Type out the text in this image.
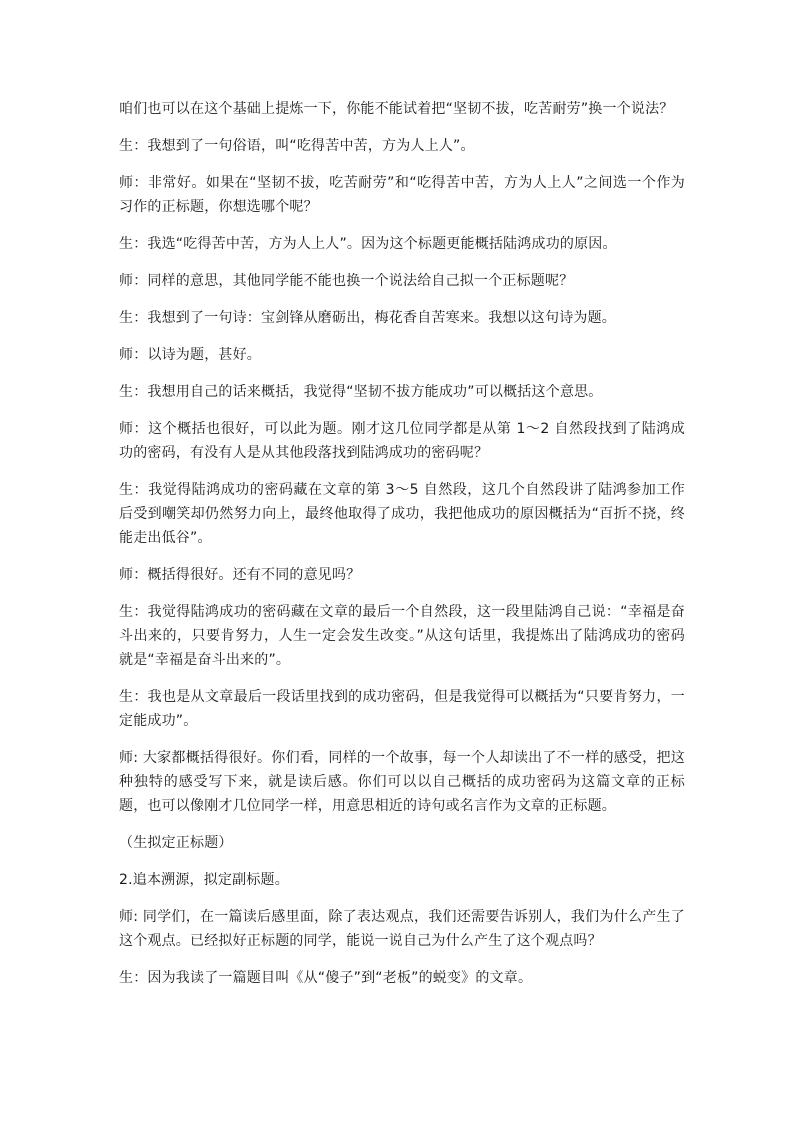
咱们也可以在这个基础上提炼一下，你能不能试着把“坚韧不拔，吃苦耐劳”换一个说法？

生：我想到了一句俗语，叫“吃得苦中苦，方为人上人”。

师：非常好。如果在“坚韧不拔，吃苦耐劳”和“吃得苦中苦，方为人上人”之间选一个作为习作的正标题，你想选哪个呢？

生：我选“吃得苦中苦，方为人上人”。因为这个标题更能概括陆鸿成功的原因。

师：同样的意思，其他同学能不能也换一个说法给自己拟一个正标题呢？

生：我想到了一句诗：宝剑锋从磨砺出，梅花香自苦寒来。我想以这句诗为题。

师：以诗为题，甚好。

生：我想用自己的话来概括，我觉得“坚韧不拔方能成功”可以概括这个意思。

师：这个概括也很好，可以此为题。刚才这几位同学都是从第 1～2 自然段找到了陆鸿成功的密码，有没有人是从其他段落找到陆鸿成功的密码呢？

生：我觉得陆鸿成功的密码藏在文章的第 3～5 自然段，这几个自然段讲了陆鸿参加工作后受到嘲笑却仍然努力向上，最终他取得了成功，我把他成功的原因概括为“百折不挠，终能走出低谷”。

师：概括得很好。还有不同的意见吗？

生：我觉得陆鸿成功的密码藏在文章的最后一个自然段，这一段里陆鸿自己说：“幸福是奋斗出来的，只要肯努力，人生一定会发生改变。”从这句话里，我提炼出了陆鸿成功的密码就是“幸福是奋斗出来的”。

生：我也是从文章最后一段话里找到的成功密码，但是我觉得可以概括为“只要肯努力，一定能成功”。

师: 大家都概括得很好。你们看，同样的一个故事，每一个人却读出了不一样的感受，把这种独特的感受写下来，就是读后感。你们可以以自己概括的成功密码为这篇文章的正标题，也可以像刚才几位同学一样，用意思相近的诗句或名言作为文章的正标题。

（生拟定正标题）

2.追本溯源，拟定副标题。

师: 同学们，在一篇读后感里面，除了表达观点，我们还需要告诉别人，我们为什么产生了这个观点。已经拟好正标题的同学，能说一说自己为什么产生了这个观点吗？

生：因为我读了一篇题目叫《从“傻子”到“老板”的蜕变》的文章。
